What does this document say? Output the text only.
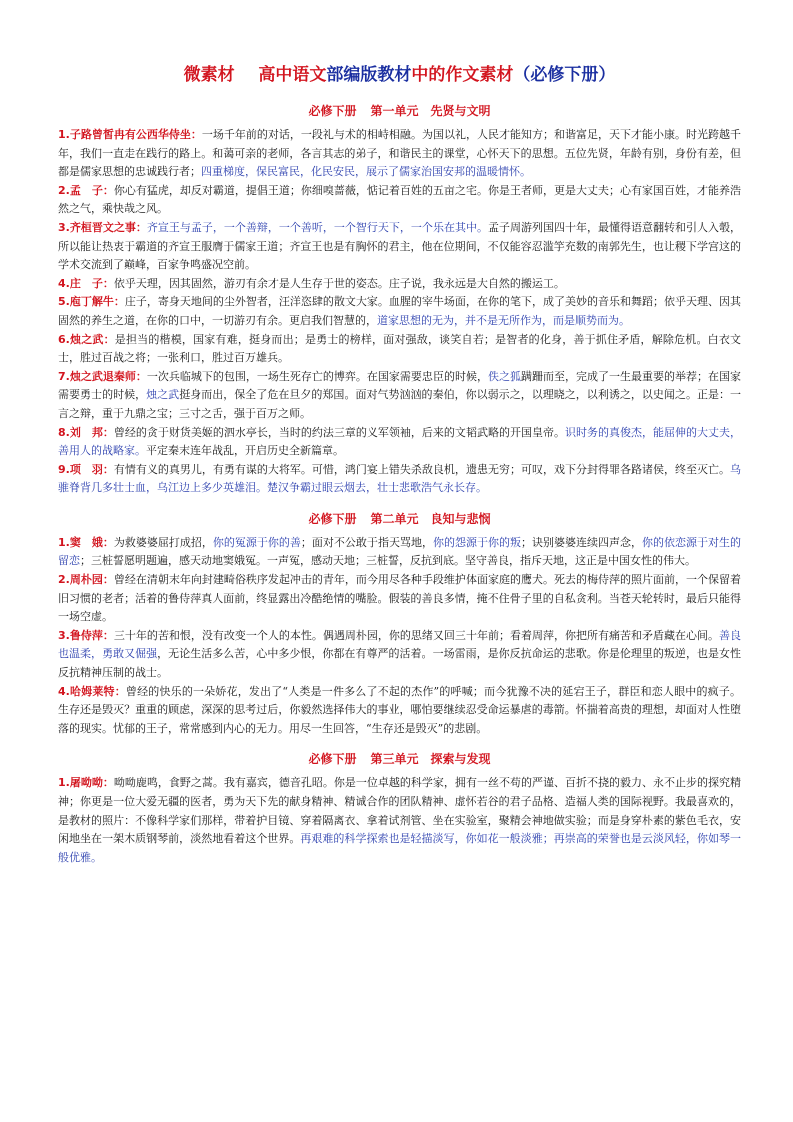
微素材 高中语文部编版教材中的作文素材（必修下册）
必修下册 第一单元 先贤与文明

1.子路曾皙冉有公西华侍坐：一场千年前的对话，一段礼与术的相峙相融。为国以礼，人民才能知方；和谐富足，天下才能小康。时光跨越千年，我们一直走在践行的路上。和蔼可亲的老师，各言其志的弟子，和谐民主的课堂，心怀天下的思想。五位先贤，年龄有别，身份有差，但都是儒家思想的忠诚践行者；四重梯度，保民富民，化民安民，展示了儒家治国安邦的温暖情怀。

2.孟　子：你心有猛虎，却反对霸道，提倡王道；你细嗅蔷薇，惦记着百姓的五亩之宅。你是王者师，更是大丈夫；心有家国百姓，才能养浩然之气，乘快哉之风。

3.齐桓晋文之事：齐宣王与孟子，一个善辩，一个善听，一个智行天下，一个乐在其中。孟子周游列国四十年，最懂得语意翻转和引人入彀，所以能让热衷于霸道的齐宣王服膺于儒家王道；齐宣王也是有胸怀的君主，他在位期间，不仅能容忍滥竽充数的南郭先生，也让稷下学宫这的学术交流到了巅峰，百家争鸣盛况空前。

4.庄　子：依乎天理，因其固然，游刃有余才是人生存于世的姿态。庄子说，我永远是大自然的搬运工。

5.庖丁解牛：庄子，寄身天地间的尘外智者，汪洋恣肆的散文大家。血腥的宰牛场面，在你的笔下，成了美妙的音乐和舞蹈；依乎天理、因其固然的养生之道，在你的口中，一切游刃有余。更启我们智慧的，道家思想的无为，并不是无所作为，而是顺势而为。

6.烛之武：是担当的楷模，国家有难，挺身而出；是勇士的榜样，面对强敌，谈笑自若；是智者的化身，善于抓住矛盾，解除危机。白衣文士，胜过百战之将；一张利口，胜过百万雄兵。

7.烛之武退秦师：一次兵临城下的包围，一场生死存亡的博弈。在国家需要忠臣的时候，佚之狐蹒跚而至，完成了一生最重要的举荐；在国家需要勇士的时候，烛之武挺身而出，保全了危在旦夕的郑国。面对气势汹汹的秦伯，你以弱示之，以理晓之，以利诱之，以史闻之。正是：一言之辩，重于九鼎之宝；三寸之舌，强于百万之师。

8.刘　邦：曾经的贪于财货美姬的泗水亭长，当时的约法三章的义军领袖，后来的文韬武略的开国皇帝。识时务的真俊杰，能屈伸的大丈夫，善用人的战略家。平定秦末连年战乱，开启历史全新篇章。

9.项　羽：有情有义的真男儿，有勇有谋的大将军。可惜，鸿门宴上错失杀敌良机，遗患无穷；可叹，戏下分封得罪各路诸侯，终至灭亡。乌骓脊背几多壮士血，乌江边上多少英雄泪。楚汉争霸过眼云烟去，壮士悲歌浩气永长存。

必修下册 第二单元 良知与悲悯

1.窦　娥：为救婆婆屈打成招，你的冤源于你的善；面对不公敢于指天骂地，你的怨源于你的叛；诀别婆婆连续四声念，你的依恋源于对生的留恋；三桩誓愿明题遍，感天动地窦娥冤。一声冤，感动天地；三桩誓，反抗到底。坚守善良，指斥天地，这正是中国女性的伟大。

2.周朴园：曾经在清朝末年向封建畸俗秩序发起冲击的青年，而今用尽各种手段维护体面家庭的鹰犬。死去的梅侍萍的照片面前，一个保留着旧习惯的老者；活着的鲁侍萍真人面前，终显露出冷酷绝情的嘴脸。假装的善良多情，掩不住骨子里的自私贪利。当苍天轮转时，最后只能得一场空虚。

3.鲁侍萍：三十年的苦和恨，没有改变一个人的本性。偶遇周朴园，你的思绪又回三十年前；看着周萍，你把所有痛苦和矛盾藏在心间。善良也温柔，勇敢又倔强，无论生活多么苦，心中多少恨，你都在有尊严的活着。一场雷雨，是你反抗命运的悲歌。你是伦理里的叛逆，也是女性反抗精神压制的战士。

4.哈姆莱特：曾经的快乐的一朵娇花，发出了“人类是一件多么了不起的杰作”的呼喊；而今犹豫不决的延宕王子，群臣和恋人眼中的疯子。生存还是毁灭？重重的顾虑，深深的思考过后，你毅然选择伟大的事业，哪怕要继续忍受命运暴虐的毒箭。怀揣着高贵的理想，却面对人性堕落的现实。忧郁的王子，常常感到内心的无力。用尽一生回答，“生存还是毁灭”的悲剧。

必修下册 第三单元 探索与发现

1.屠呦呦：呦呦鹿鸣，食野之蒿。我有嘉宾，德音孔昭。你是一位卓越的科学家，拥有一丝不苟的严谨、百折不挠的毅力、永不止步的探究精神；你更是一位大爱无疆的医者，勇为天下先的献身精神、精诚合作的团队精神、虚怀若谷的君子品格、造福人类的国际视野。我最喜欢的，是教材的照片：不像科学家们那样，带着护目镜、穿着隔离衣、拿着试剂管、坐在实验室，聚精会神地做实验；而是身穿朴素的紫色毛衣，安闲地坐在一架木质钢琴前，淡然地看着这个世界。再艰难的科学探索也是轻描淡写，你如花一般淡雅；再崇高的荣誉也是云淡风轻，你如琴一般优雅。
